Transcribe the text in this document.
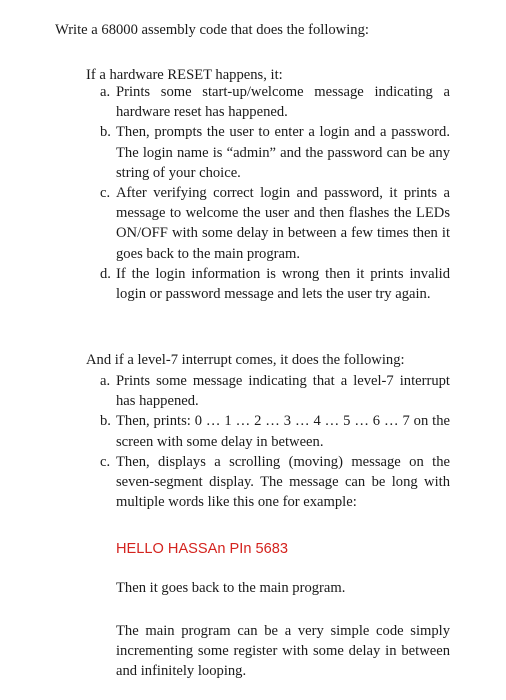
Write a 68000 assembly code that does the following:
If a hardware RESET happens, it:
a. Prints some start-up/welcome message indicating a hardware reset has happened.
b. Then, prompts the user to enter a login and a password. The login name is “admin” and the password can be any string of your choice.
c. After verifying correct login and password, it prints a message to welcome the user and then flashes the LEDs ON/OFF with some delay in between a few times then it goes back to the main program.
d. If the login information is wrong then it prints invalid login or password message and lets the user try again.
And if a level-7 interrupt comes, it does the following:
a. Prints some message indicating that a level-7 interrupt has happened.
b. Then, prints: 0 … 1 … 2 … 3 … 4 … 5 … 6 … 7 on the screen with some delay in between.
c. Then, displays a scrolling (moving) message on the seven-segment display. The message can be long with multiple words like this one for example:
HELLO HASSAn PIn 5683
Then it goes back to the main program.
The main program can be a very simple code simply incrementing some register with some delay in between and infinitely looping.
